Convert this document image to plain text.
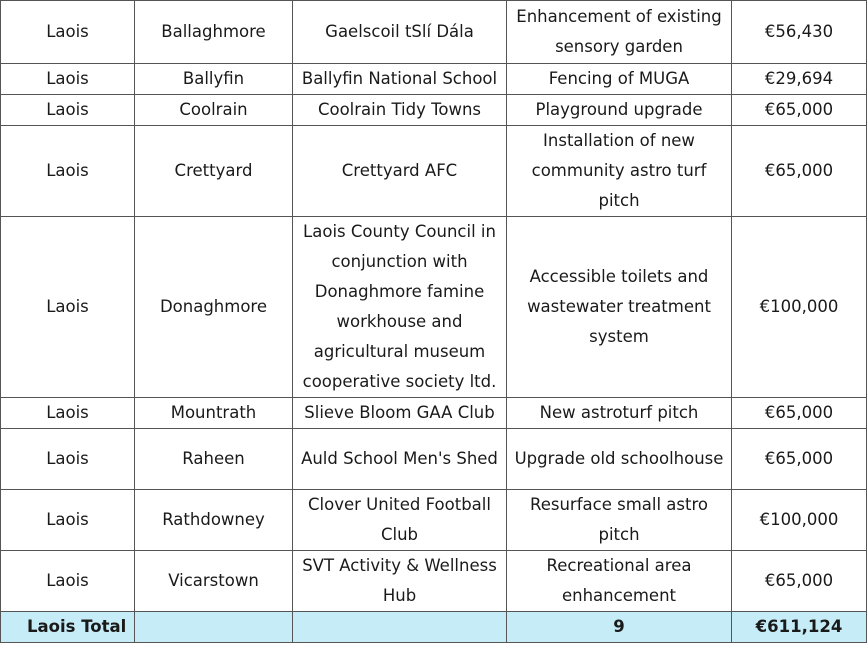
Laois	Ballaghmore	Gaelscoil tSlí Dála	Enhancement of existing sensory garden	€56,430
Laois	Ballyfin	Ballyfin National School	Fencing of MUGA	€29,694
Laois	Coolrain	Coolrain Tidy Towns	Playground upgrade	€65,000
Laois	Crettyard	Crettyard AFC	Installation of new community astro turf pitch	€65,000
Laois	Donaghmore	Laois County Council in conjunction with Donaghmore famine workhouse and agricultural museum cooperative society ltd.	Accessible toilets and wastewater treatment system	€100,000
Laois	Mountrath	Slieve Bloom GAA Club	New astroturf pitch	€65,000
Laois	Raheen	Auld School Men's Shed	Upgrade old schoolhouse	€65,000
Laois	Rathdowney	Clover United Football Club	Resurface small astro pitch	€100,000
Laois	Vicarstown	SVT Activity & Wellness Hub	Recreational area enhancement	€65,000
Laois Total			9	€611,124
